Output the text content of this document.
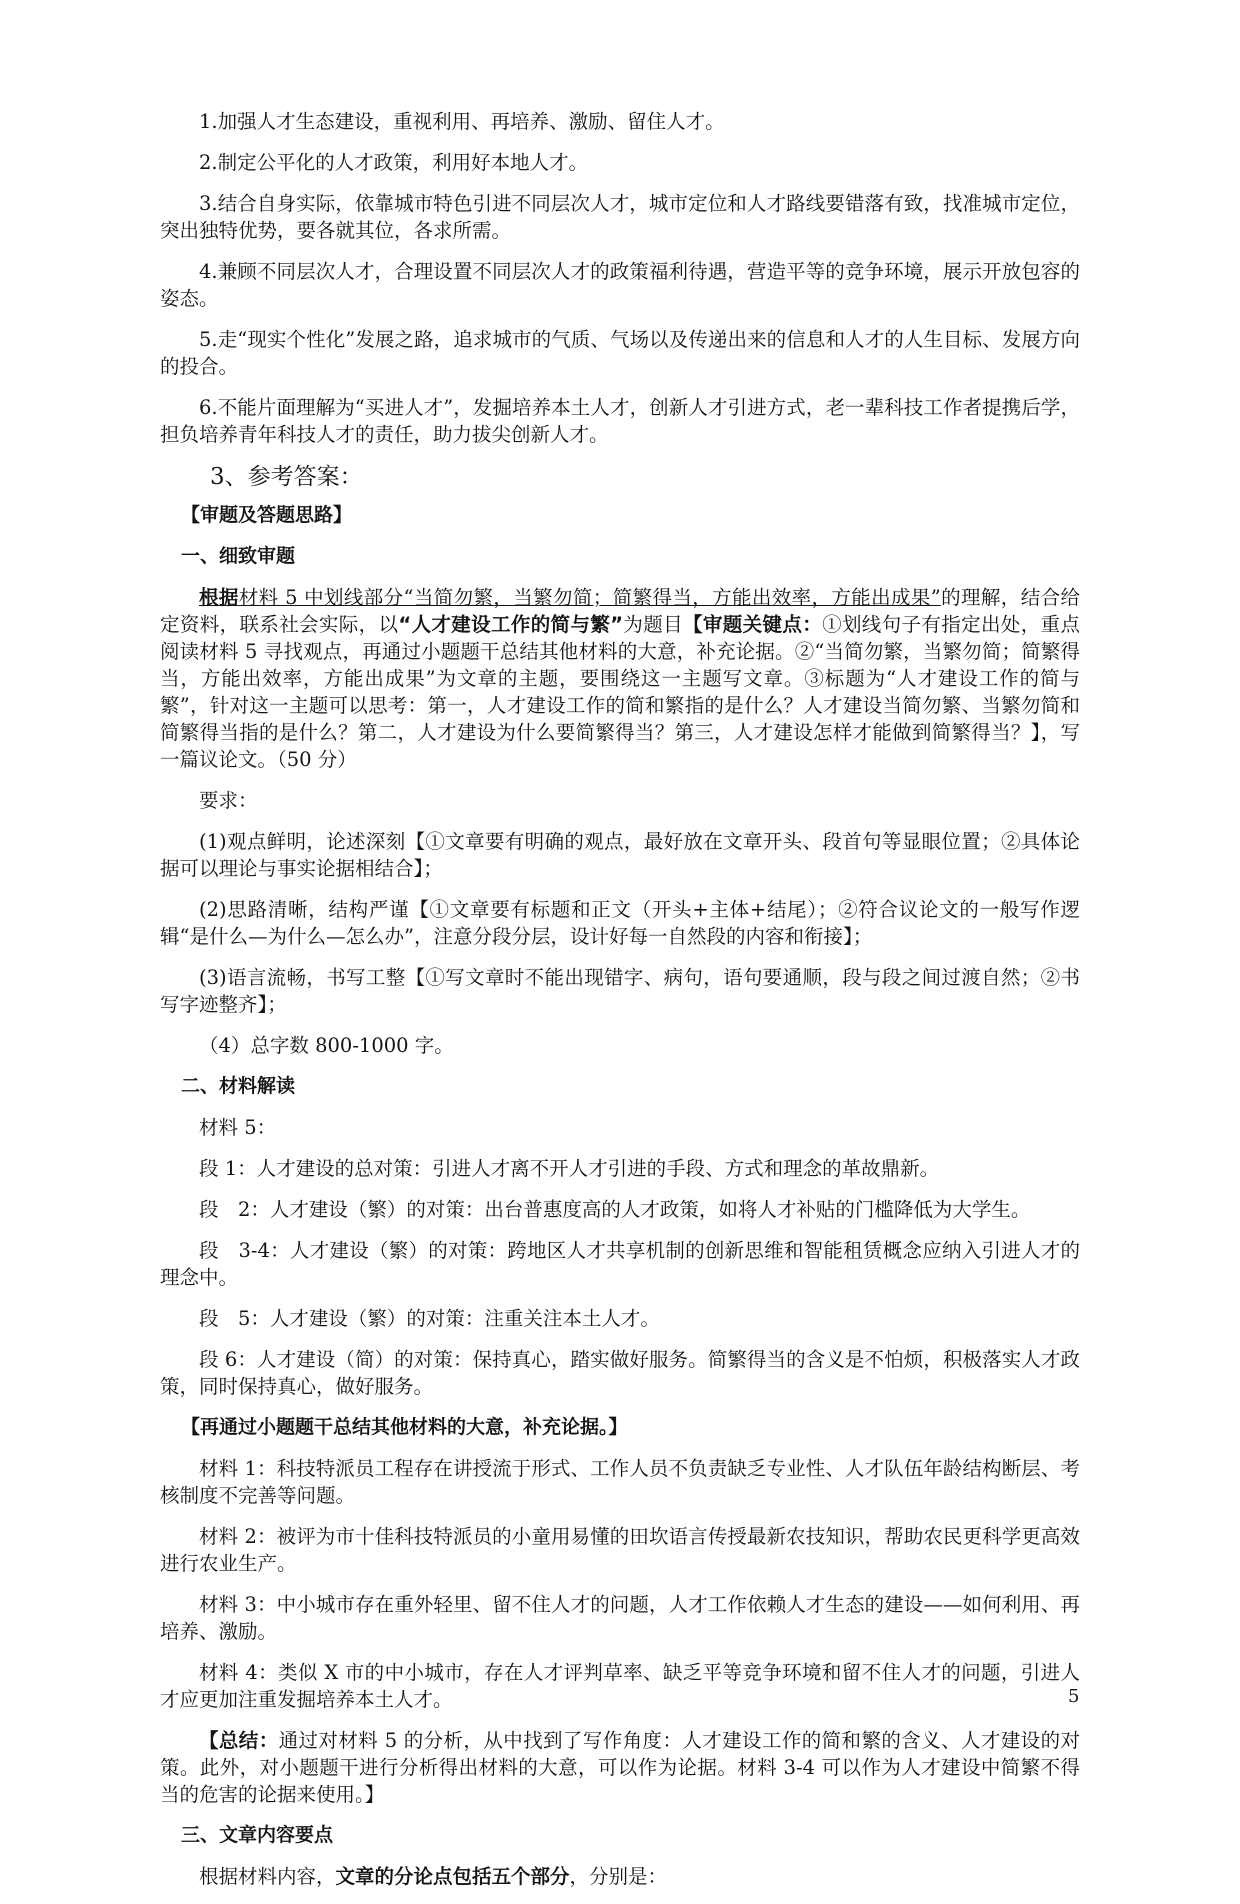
1.加强人才生态建设，重视利用、再培养、激励、留住人才。

2.制定公平化的人才政策，利用好本地人才。

3.结合自身实际，依靠城市特色引进不同层次人才，城市定位和人才路线要错落有致，找准城市定位，突出独特优势，要各就其位，各求所需。

4.兼顾不同层次人才，合理设置不同层次人才的政策福利待遇，营造平等的竞争环境，展示开放包容的姿态。

5.走“现实个性化”发展之路，追求城市的气质、气场以及传递出来的信息和人才的人生目标、发展方向的投合。

6.不能片面理解为“买进人才”，发掘培养本土人才，创新人才引进方式，老一辈科技工作者提携后学，担负培养青年科技人才的责任，助力拔尖创新人才。

3、参考答案：

【审题及答题思路】

一、细致审题

根据材料 5 中划线部分“当简勿繁，当繁勿简；简繁得当，方能出效率，方能出成果”的理解，结合给定资料，联系社会实际，以“人才建设工作的简与繁”为题目【审题关键点：①划线句子有指定出处，重点阅读材料 5 寻找观点，再通过小题题干总结其他材料的大意，补充论据。②“当简勿繁，当繁勿简；简繁得当，方能出效率，方能出成果”为文章的主题，要围绕这一主题写文章。③标题为“人才建设工作的简与繁”，针对这一主题可以思考：第一，人才建设工作的简和繁指的是什么？人才建设当简勿繁、当繁勿简和简繁得当指的是什么？第二，人才建设为什么要简繁得当？第三，人才建设怎样才能做到简繁得当？】，写一篇议论文。（50 分）

要求：

(1)观点鲜明，论述深刻【①文章要有明确的观点，最好放在文章开头、段首句等显眼位置；②具体论据可以理论与事实论据相结合】；

(2)思路清晰，结构严谨【①文章要有标题和正文（开头+主体+结尾）；②符合议论文的一般写作逻辑“是什么—为什么—怎么办”，注意分段分层，设计好每一自然段的内容和衔接】；

(3)语言流畅，书写工整【①写文章时不能出现错字、病句，语句要通顺，段与段之间过渡自然；②书写字迹整齐】；

（4）总字数 800-1000 字。

二、材料解读

材料 5：

段 1：人才建设的总对策：引进人才离不开人才引进的手段、方式和理念的革故鼎新。

段　2：人才建设（繁）的对策：出台普惠度高的人才政策，如将人才补贴的门槛降低为大学生。

段　3-4：人才建设（繁）的对策：跨地区人才共享机制的创新思维和智能租赁概念应纳入引进人才的理念中。

段　5：人才建设（繁）的对策：注重关注本土人才。

段 6：人才建设（简）的对策：保持真心，踏实做好服务。简繁得当的含义是不怕烦，积极落实人才政策，同时保持真心，做好服务。

【再通过小题题干总结其他材料的大意，补充论据。】

材料 1：科技特派员工程存在讲授流于形式、工作人员不负责缺乏专业性、人才队伍年龄结构断层、考核制度不完善等问题。

材料 2：被评为市十佳科技特派员的小童用易懂的田坎语言传授最新农技知识，帮助农民更科学更高效进行农业生产。

材料 3：中小城市存在重外轻里、留不住人才的问题，人才工作依赖人才生态的建设——如何利用、再培养、激励。

材料 4：类似 X 市的中小城市，存在人才评判草率、缺乏平等竞争环境和留不住人才的问题，引进人才应更加注重发掘培养本土人才。

【总结：通过对材料 5 的分析，从中找到了写作角度：人才建设工作的简和繁的含义、人才建设的对策。此外，对小题题干进行分析得出材料的大意，可以作为论据。材料 3-4 可以作为人才建设中简繁不得当的危害的论据来使用。】

三、文章内容要点

根据材料内容，文章的分论点包括五个部分，分别是：

5
